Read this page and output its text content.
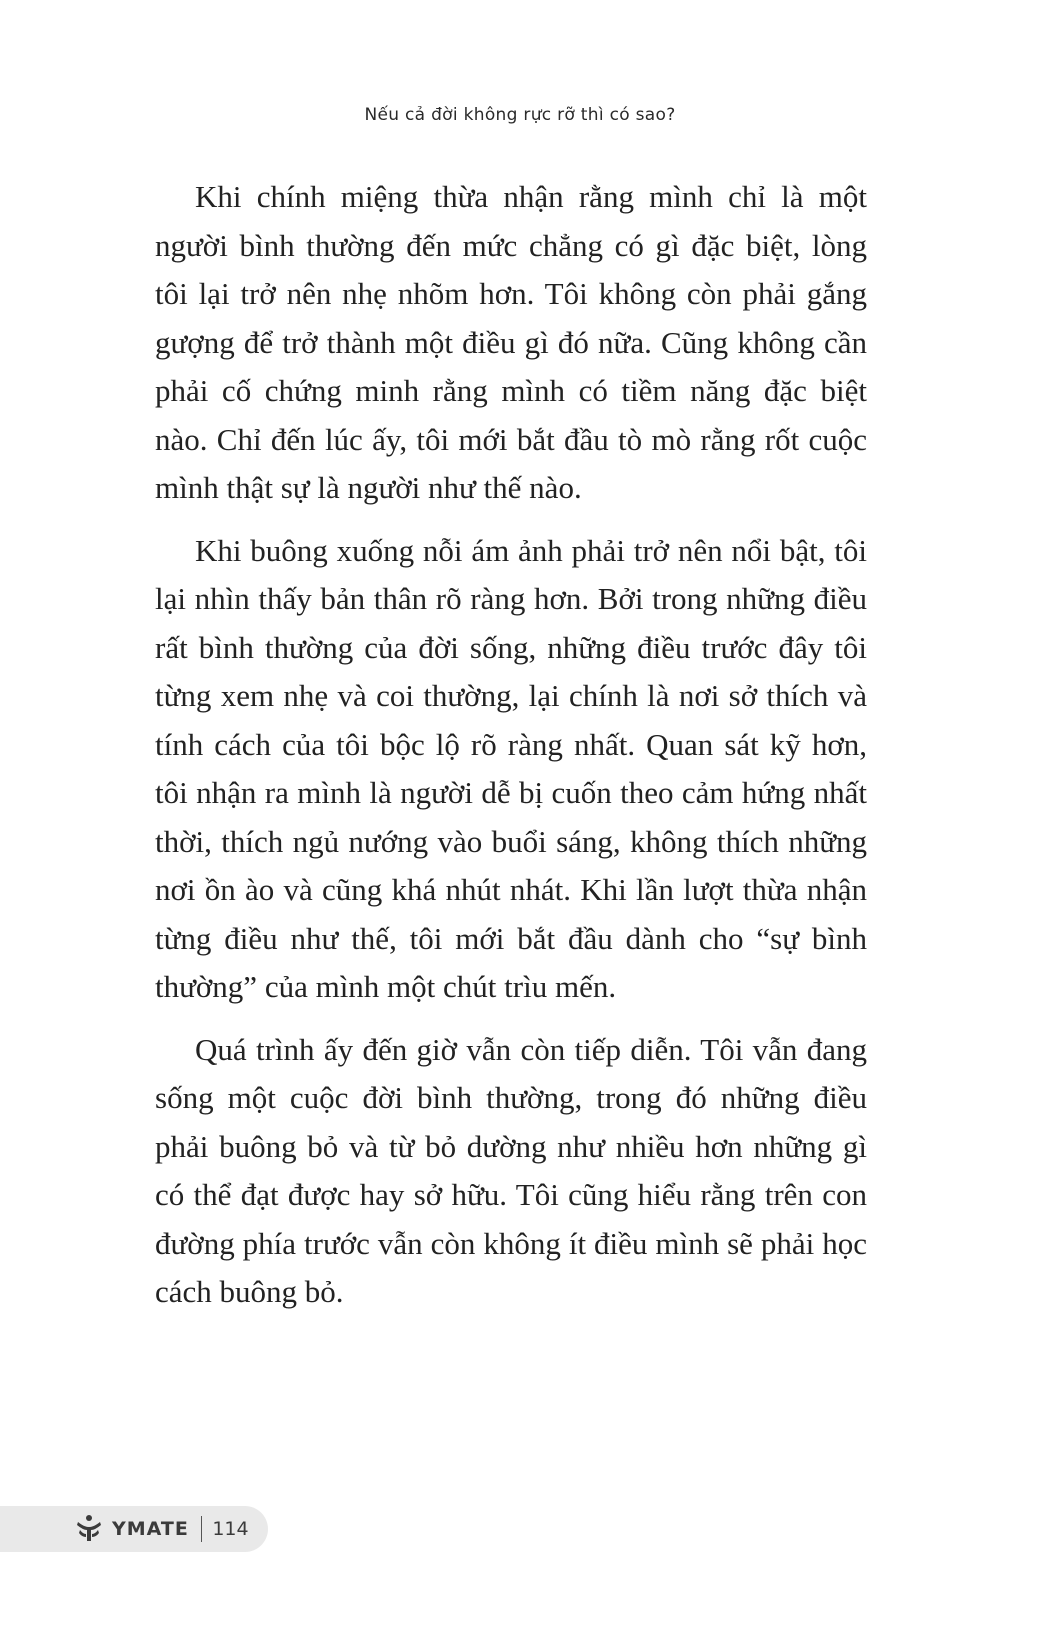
Nếu cả đời không rực rỡ thì có sao?

Khi chính miệng thừa nhận rằng mình chỉ là một người bình thường đến mức chẳng có gì đặc biệt, lòng tôi lại trở nên nhẹ nhõm hơn. Tôi không còn phải gắng gượng để trở thành một điều gì đó nữa. Cũng không cần phải cố chứng minh rằng mình có tiềm năng đặc biệt nào. Chỉ đến lúc ấy, tôi mới bắt đầu tò mò rằng rốt cuộc mình thật sự là người như thế nào.

Khi buông xuống nỗi ám ảnh phải trở nên nổi bật, tôi lại nhìn thấy bản thân rõ ràng hơn. Bởi trong những điều rất bình thường của đời sống, những điều trước đây tôi từng xem nhẹ và coi thường, lại chính là nơi sở thích và tính cách của tôi bộc lộ rõ ràng nhất. Quan sát kỹ hơn, tôi nhận ra mình là người dễ bị cuốn theo cảm hứng nhất thời, thích ngủ nướng vào buổi sáng, không thích những nơi ồn ào và cũng khá nhút nhát. Khi lần lượt thừa nhận từng điều như thế, tôi mới bắt đầu dành cho “sự bình thường” của mình một chút trìu mến.

Quá trình ấy đến giờ vẫn còn tiếp diễn. Tôi vẫn đang sống một cuộc đời bình thường, trong đó những điều phải buông bỏ và từ bỏ dường như nhiều hơn những gì có thể đạt được hay sở hữu. Tôi cũng hiểu rằng trên con đường phía trước vẫn còn không ít điều mình sẽ phải học cách buông bỏ.

YMATE 114
